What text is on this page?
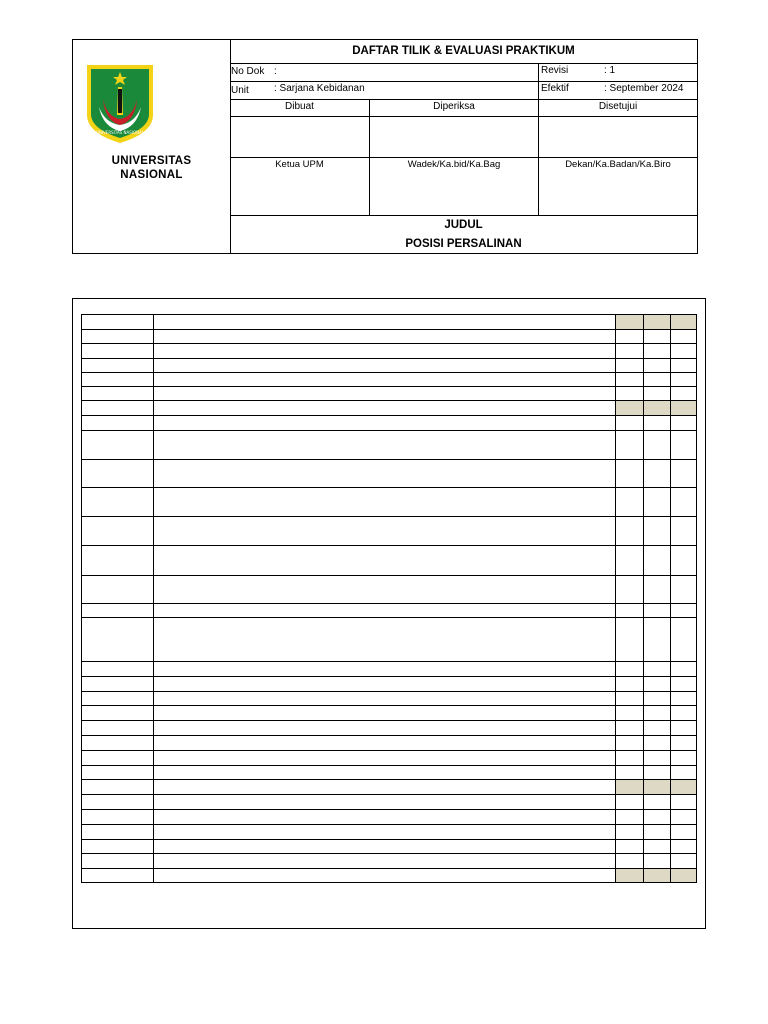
UNIVERSITAS NASIONAL
UNIVERSITAS
NASIONAL
DAFTAR TILIK & EVALUASI PRAKTIKUM
No Dok :	Revisi	: 1
Unit	: Sarjana Kebidanan	Efektif	: September 2024
Dibuat	Diperiksa	Disetujui
Ketua UPM	Wadek/Ka.bid/Ka.Bag	Dekan/Ka.Badan/Ka.Biro
JUDUL
POSISI PERSALINAN
